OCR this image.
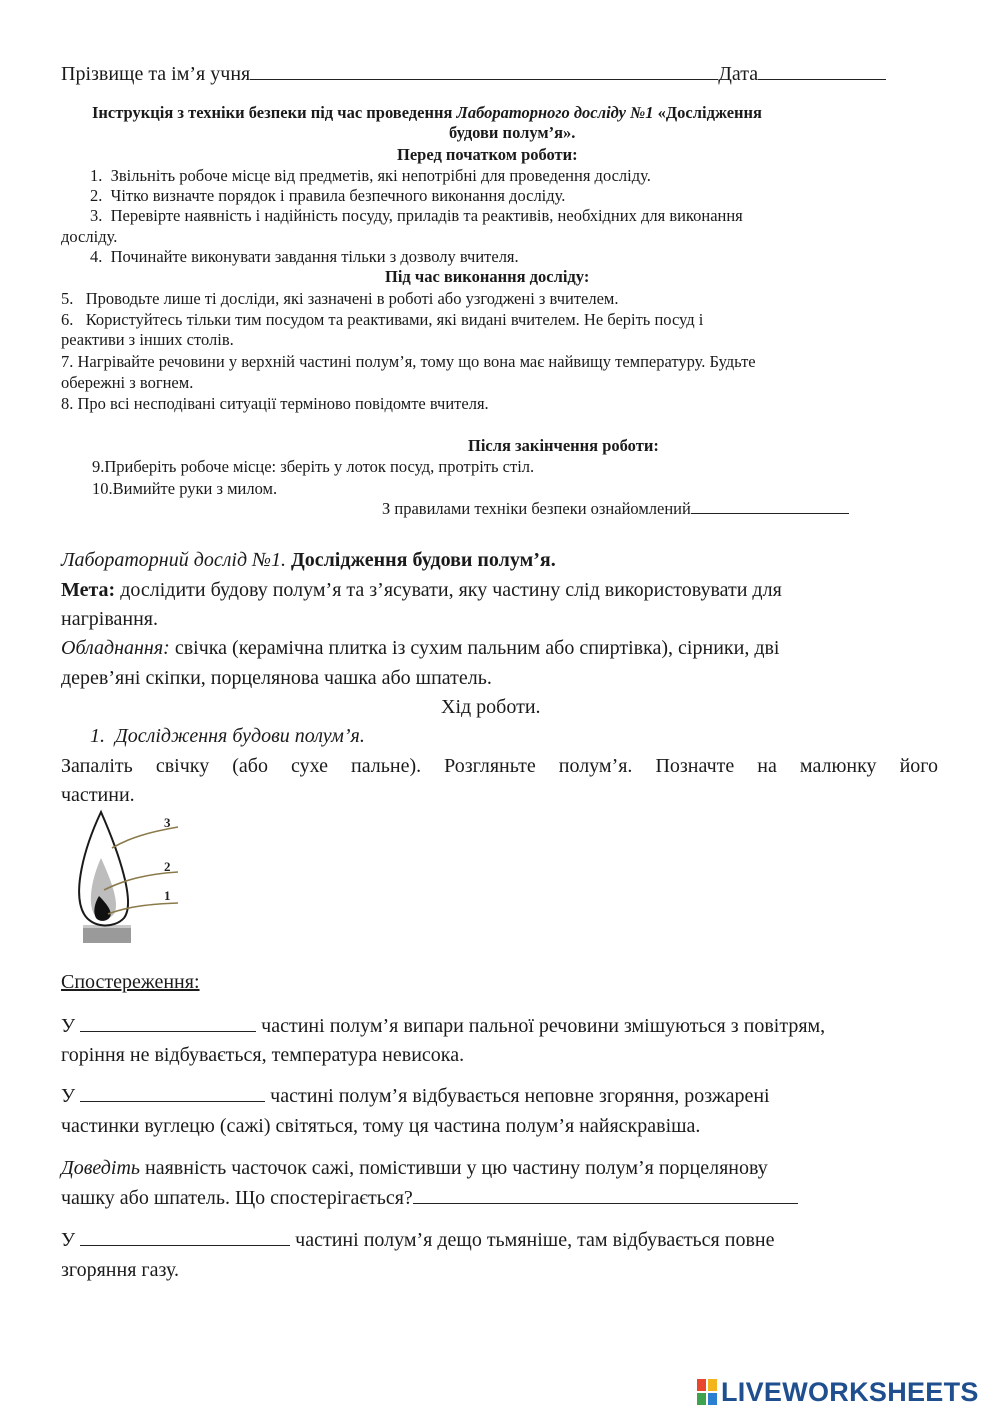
Прізвище та ім’я учня	Дата
Інструкція з техніки безпеки під час проведення Лабораторного досліду №1 «Дослідження
будови полум’я».
Перед початком роботи:
1.  Звільніть робоче місце від предметів, які непотрібні для проведення досліду.
2.  Чітко визначте порядок і правила безпечного виконання досліду.
3.  Перевірте наявність і надійність посуду, приладів та реактивів, необхідних для виконання
досліду.
4.  Починайте виконувати завдання тільки з дозволу вчителя.
Під час виконання досліду:
5.   Проводьте лише ті досліди, які зазначені в роботі або узгоджені з вчителем.
6.   Користуйтесь тільки тим посудом та реактивами, які видані вчителем. Не беріть посуд і
реактиви з інших столів.
7. Нагрівайте речовини у верхній частині полум’я, тому що вона має найвищу температуру. Будьте
обережні з вогнем.
8. Про всі несподівані ситуації терміново повідомте вчителя.
Після закінчення роботи:
9.Приберіть робоче місце: зберіть у лоток посуд, протріть стіл.
10.Вимийте руки з милом.
З правилами техніки безпеки ознайомлений
Лабораторний дослід №1. Дослідження будови полум’я.
Мета: дослідити будову полум’я та з’ясувати, яку частину слід використовувати для
нагрівання.
Обладнання: свічка (керамічна плитка із сухим пальним або спиртівка), сірники, дві
дерев’яні скіпки, порцелянова чашка або шпатель.
Хід роботи.
1.  Дослідження будови полум’я.
Запаліть свічку (або сухе пальне). Розгляньте полум’я. Позначте на малюнку його
частини.
3
2
1
Спостереження:
У	частині полум’я випари пальної речовини змішуються з повітрям,
горіння не відбувається, температура невисока.
У	частині полум’я відбувається неповне згоряння, розжарені
частинки вуглецю (сажі) світяться, тому ця частина полум’я найяскравіша.
Доведіть наявність часточок сажі, помістивши у цю частину полум’я порцелянову
чашку або шпатель. Що спостерігається?
У	частині полум’я дещо тьмяніше, там відбувається повне
згоряння газу.
LIVEWORKSHEETS
